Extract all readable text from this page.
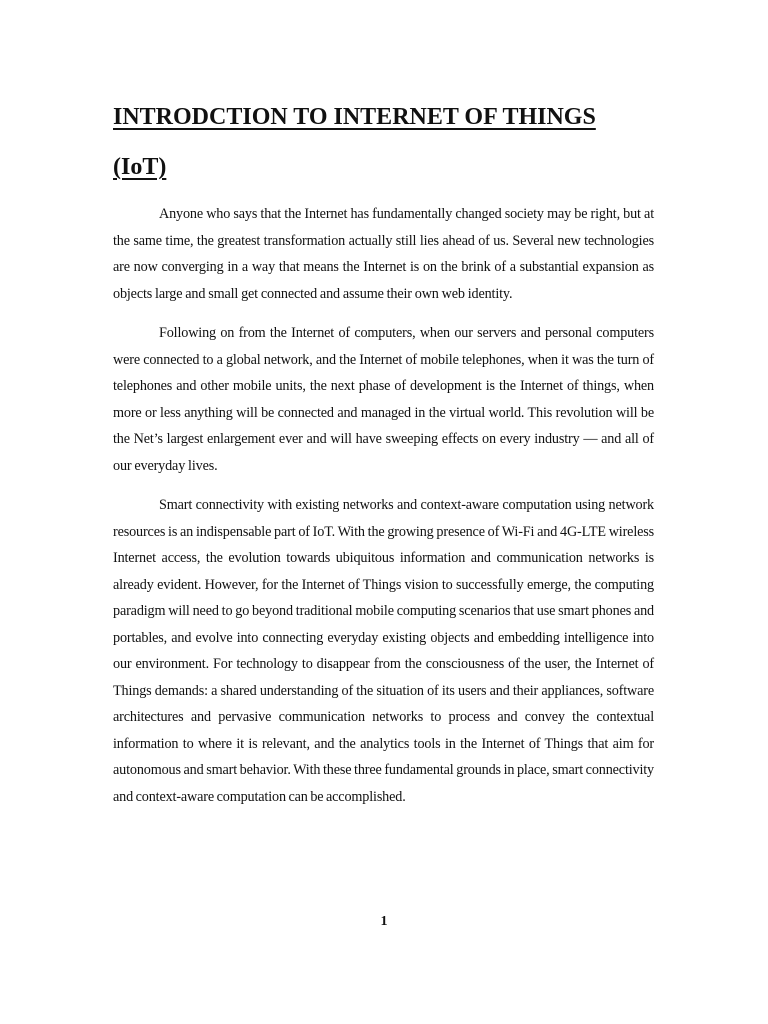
INTRODCTION TO INTERNET OF THINGS
(IoT)

Anyone who says that the Internet has fundamentally changed society may be right, but at the same time, the greatest transformation actually still lies ahead of us. Several new technologies are now converging in a way that means the Internet is on the brink of a substantial expansion as objects large and small get connected and assume their own web identity.

Following on from the Internet of computers, when our servers and personal computers were connected to a global network, and the Internet of mobile telephones, when it was the turn of telephones and other mobile units, the next phase of development is the Internet of things, when more or less anything will be connected and managed in the virtual world. This revolution will be the Net’s largest enlargement ever and will have sweeping effects on every industry — and all of our everyday lives.

Smart connectivity with existing networks and context-aware computation using network resources is an indispensable part of IoT. With the growing presence of Wi-Fi and 4G-LTE wireless Internet access, the evolution towards ubiquitous information and communication networks is already evident. However, for the Internet of Things vision to successfully emerge, the computing paradigm will need to go beyond traditional mobile computing scenarios that use smart phones and portables, and evolve into connecting everyday existing objects and embedding intelligence into our environment. For technology to disappear from the consciousness of the user, the Internet of Things demands: a shared understanding of the situation of its users and their appliances, software architectures and pervasive communication networks to process and convey the contextual information to where it is relevant, and the analytics tools in the Internet of Things that aim for autonomous and smart behavior. With these three fundamental grounds in place, smart connectivity and context-aware computation can be accomplished.

1
